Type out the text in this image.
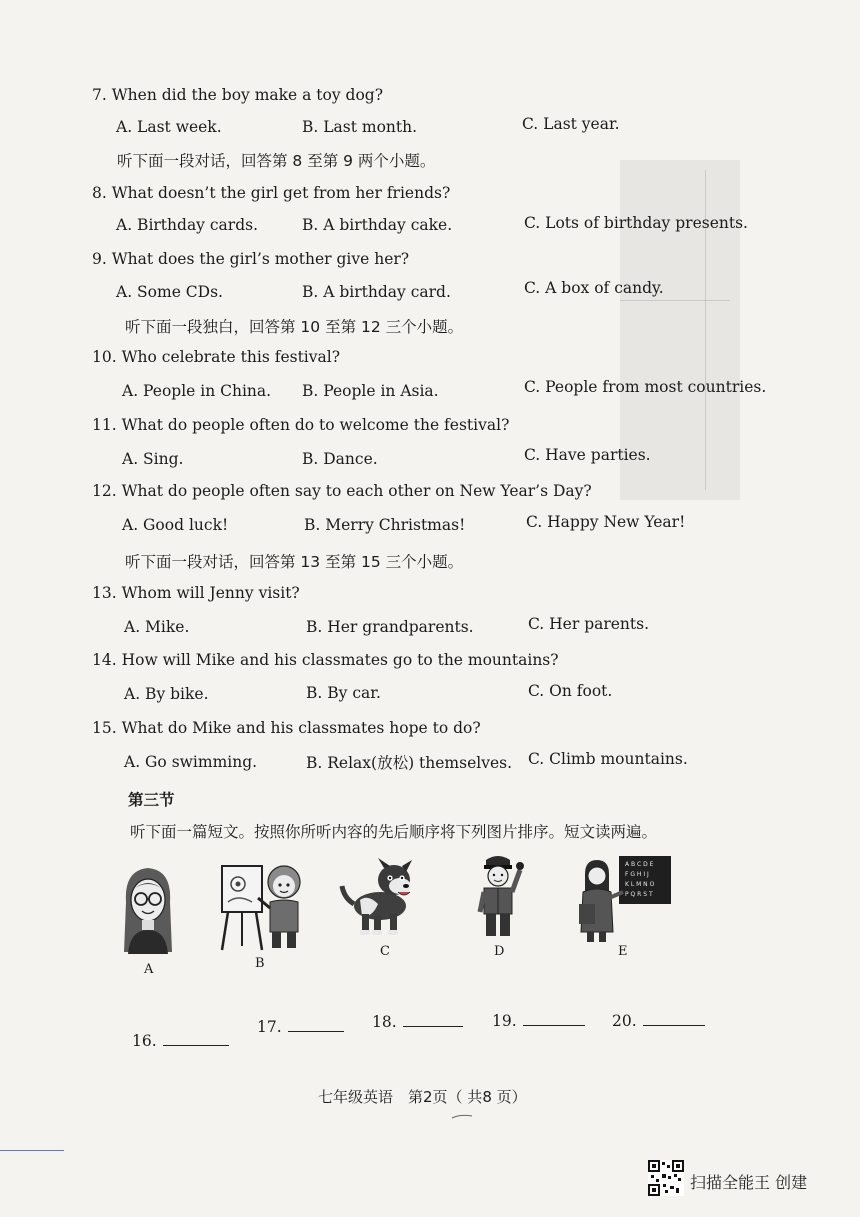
7. When did the boy make a toy dog?
A. Last week.	B. Last month.	C. Last year.
听下面一段对话，回答第 8 至第 9 两个小题。
8. What doesn’t the girl get from her friends?
A. Birthday cards.	B. A birthday cake.	C. Lots of birthday presents.
9. What does the girl’s mother give her?
A. Some CDs.	B. A birthday card.	C. A box of candy.
听下面一段独白，回答第 10 至第 12 三个小题。
10. Who celebrate this festival?
A. People in China. B. People in Asia.	C. People from most countries.
11. What do people often do to welcome the festival?
A. Sing.	B. Dance.	C. Have parties.
12. What do people often say to each other on New Year’s Day?
A. Good luck!	B. Merry Christmas!	C. Happy New Year!
听下面一段对话，回答第 13 至第 15 三个小题。
13. Whom will Jenny visit?
A. Mike.	B. Her grandparents.	C. Her parents.
14. How will Mike and his classmates go to the mountains?
A. By bike.	B. By car.	C. On foot.
15. What do Mike and his classmates hope to do?
A. Go swimming.	B. Relax(放松) themselves. C. Climb mountains.
第三节
听下面一篇短文。按照你所听内容的先后顺序将下列图片排序。短文读两遍。
A	B
C	D
A B C D E
F G H I J
K L M N O
P Q R S T
E
16.
17.	18.	19.	20.
七年级英语　第2页（ 共8 页）
扫描全能王 创建
